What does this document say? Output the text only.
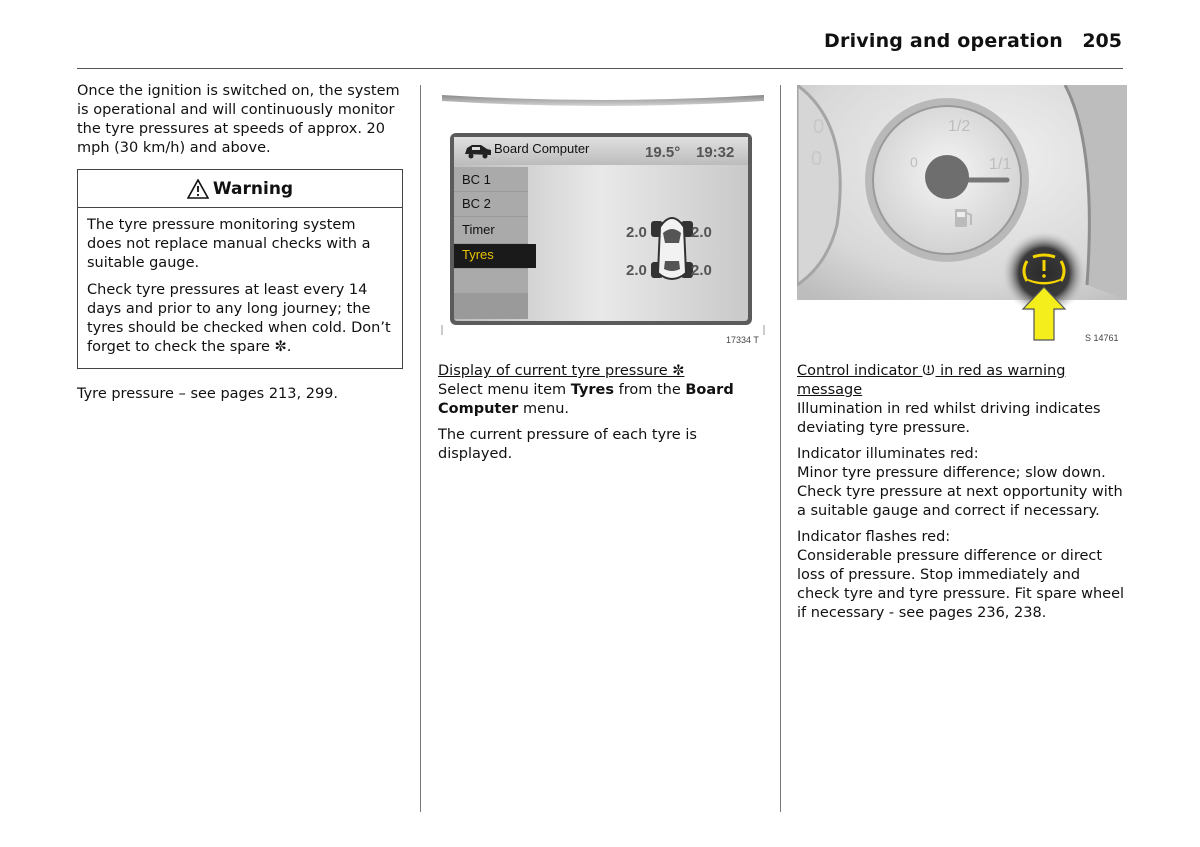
Driving and operation 205

Once the ignition is switched on, the system is operational and will continuously monitor the tyre pressures at speeds of approx. 20 mph (30 km/h) and above.

Warning

The tyre pressure monitoring system does not replace manual checks with a suitable gauge.

Check tyre pressures at least every 14 days and prior to any long journey; the tyres should be checked when cold. Don’t forget to check the spare ✼.

Tyre pressure – see pages 213, 299.

Board Computer	19.5° 19:32
BC 1
BC 2
Timer
Tyres
2.0	2.0
2.0	2.0
17334 T

Display of current tyre pressure ✼

Select menu item Tyres from the Board Computer menu.

The current pressure of each tyre is displayed.

0
0
1/2
0	1/1
S 14761

Control indicator  in red as warning message

Illumination in red whilst driving indicates deviating tyre pressure.

Indicator illuminates red:

Minor tyre pressure difference; slow down. Check tyre pressure at next opportunity with a suitable gauge and correct if necessary.

Indicator flashes red:

Considerable pressure difference or direct loss of pressure. Stop immediately and check tyre and tyre pressure. Fit spare wheel if necessary - see pages 236, 238.
